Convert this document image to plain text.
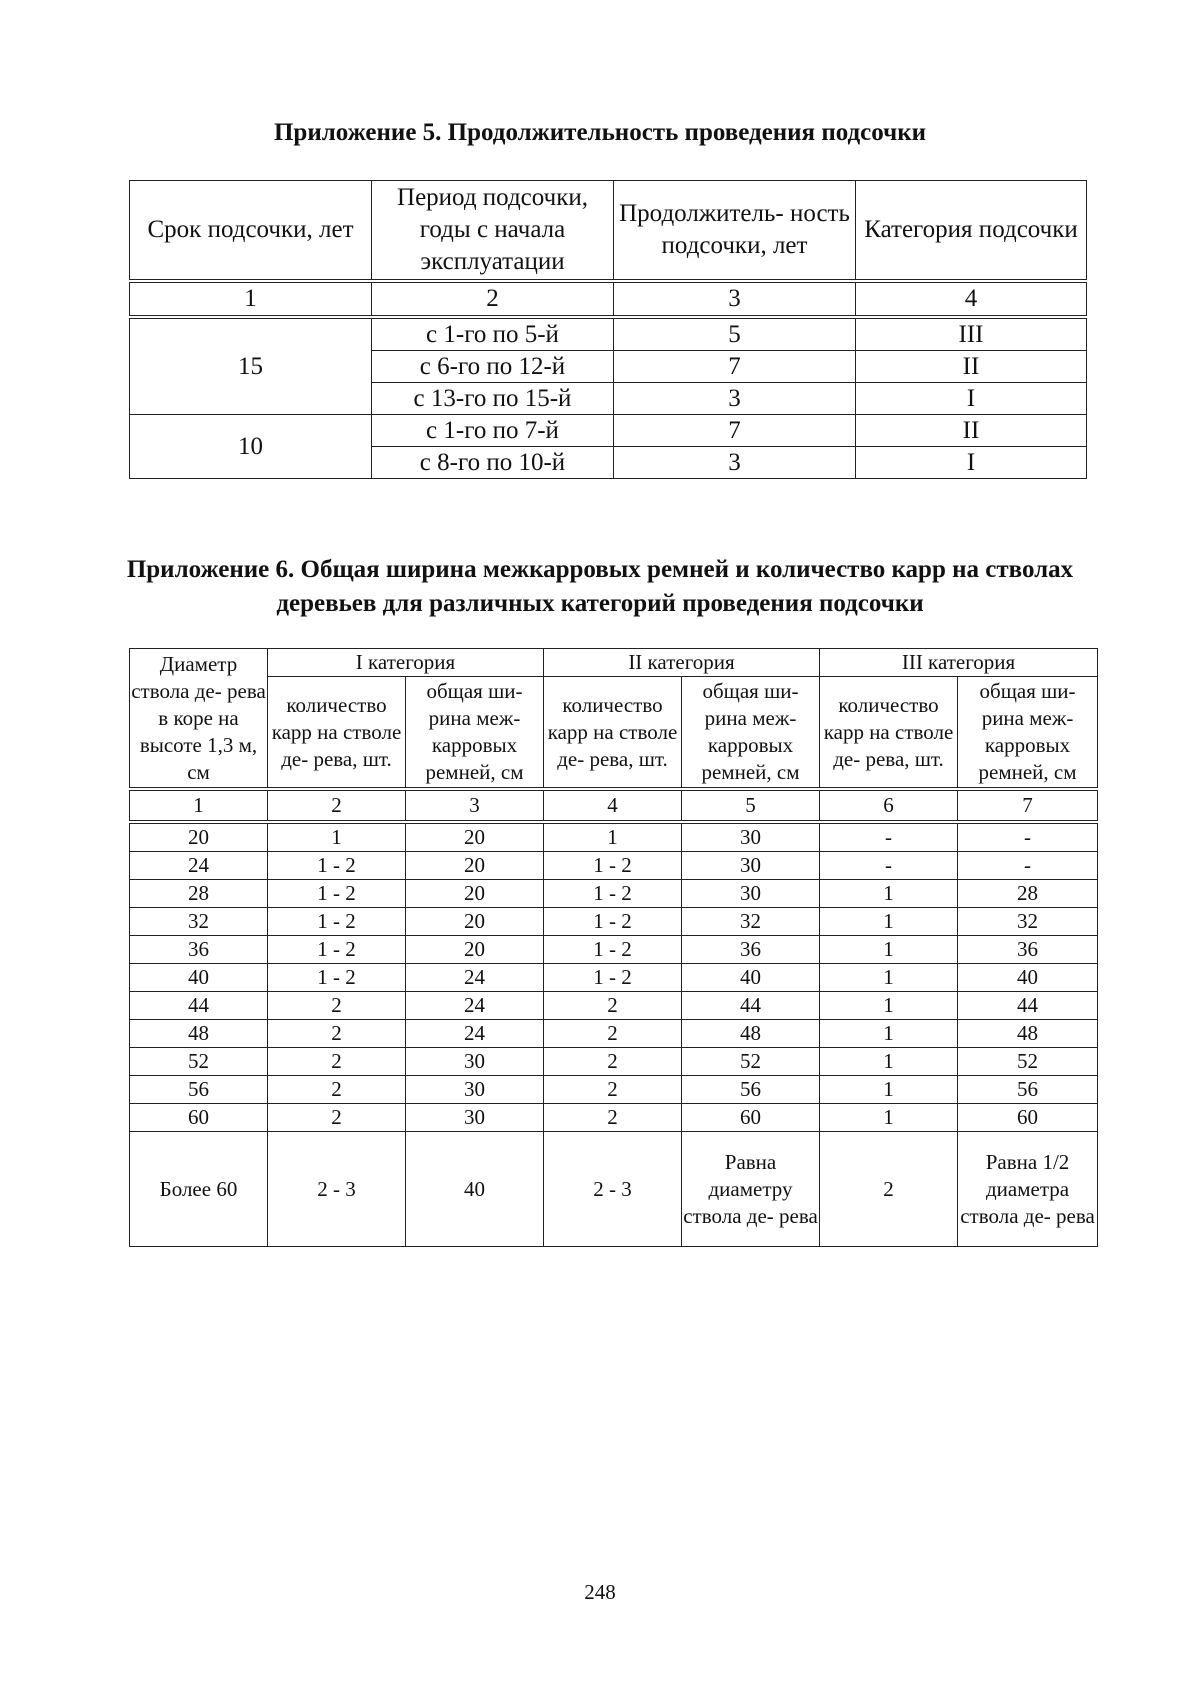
Приложение 5. Продолжительность проведения подсочки
Срок подсочки, лет	Период подсочки, годы с начала эксплуатации	Продолжитель- ность подсочки, лет	Категория подсочки
1	2	3	4
15	с 1-го по 5-й	5	III
	с 6-го по 12-й	7	II
	с 13-го по 15-й	3	I
10	с 1-го по 7-й	7	II
	с 8-го по 10-й	3	I
Приложение 6. Общая ширина межкарровых ремней и количество карр на стволах деревьев для различных категорий проведения подсочки
Диаметр ствола де- рева в коре на высоте 1,3 м, см	I категория		II категория		III категория	
	количество карр на стволе де- рева, шт.	общая ши- рина меж- карровых ремней, см	количество карр на стволе де- рева, шт.	общая ши- рина меж- карровых ремней, см	количество карр на стволе де- рева, шт.	общая ши- рина меж- карровых ремней, см
1	2	3	4	5	6	7
20	1	20	1	30	-	-
24	1 - 2	20	1 - 2	30	-	-
28	1 - 2	20	1 - 2	30	1	28
32	1 - 2	20	1 - 2	32	1	32
36	1 - 2	20	1 - 2	36	1	36
40	1 - 2	24	1 - 2	40	1	40
44	2	24	2	44	1	44
48	2	24	2	48	1	48
52	2	30	2	52	1	52
56	2	30	2	56	1	56
60	2	30	2	60	1	60
Более 60	2 - 3	40	2 - 3	Равна диаметру ствола де- рева	2	Равна 1/2 диаметра ствола де- рева
248
